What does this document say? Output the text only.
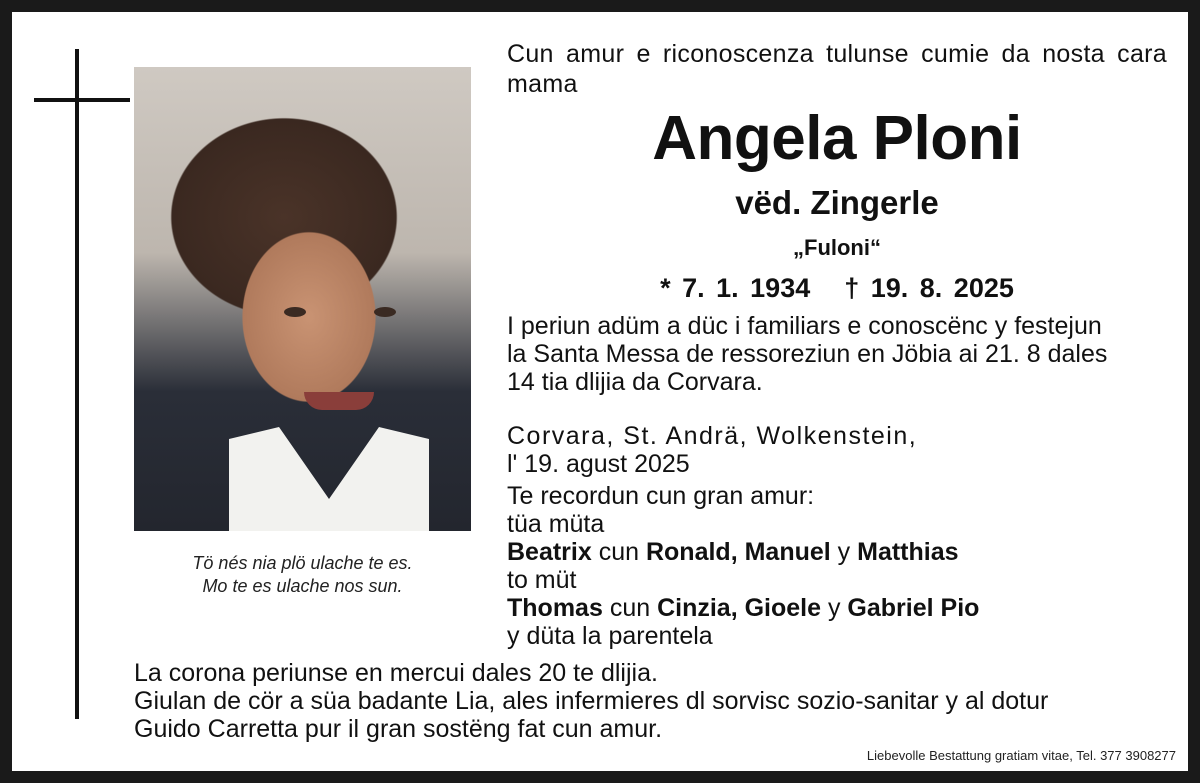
Tö nés nia plö ulache te es.
Mo te es ulache nos sun.
Cun amur e riconoscenza tulunse cumie da nosta cara mama
Angela Ploni
vëd. Zingerle
„Fuloni“
* 7. 1. 1934 † 19. 8. 2025
I periun adüm a düc i familiars e conoscënc y festejun
la Santa Messa de ressoreziun en Jöbia ai 21. 8 dales
14 tia dlijia da Corvara.
Corvara, St. Andrä, Wolkenstein,
l' 19. agust 2025
Te recordun cun gran amur:
tüa müta
Beatrix cun Ronald, Manuel y Matthias
to müt
Thomas cun Cinzia, Gioele y Gabriel Pio
y düta la parentela
La corona periunse en mercui dales 20 te dlijia.
Giulan de cör a süa badante Lia, ales infermieres dl sorvisc sozio-sanitar y al dotur
Guido Carretta pur il gran sostëng fat cun amur.
Liebevolle Bestattung gratiam vitae, Tel. 377 3908277
